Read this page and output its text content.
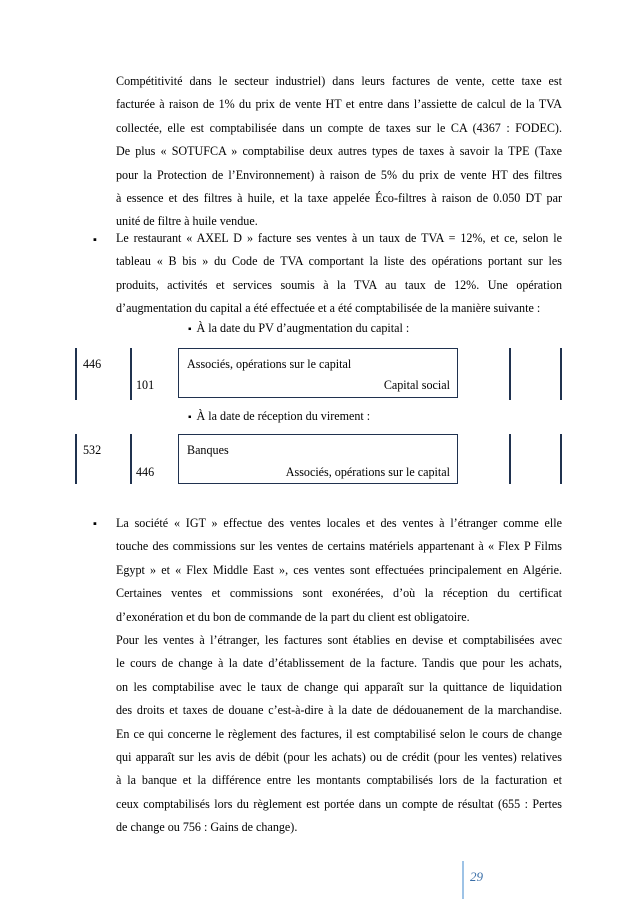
Compétitivité dans le secteur industriel) dans leurs factures de vente, cette taxe est
facturée à raison de 1% du prix de vente HT et entre dans l’assiette de calcul de la TVA
collectée, elle est comptabilisée dans un compte de taxes sur le CA (4367 : FODEC).
De plus « SOTUFCA » comptabilise deux autres types de taxes à savoir la TPE (Taxe
pour la Protection de l’Environnement) à raison de 5% du prix de vente HT des filtres
à essence et des filtres à huile, et la taxe appelée Éco-filtres à raison de 0.050 DT par
unité de filtre à huile vendue.
▪ Le restaurant « AXEL D » facture ses ventes à un taux de TVA = 12%, et ce, selon le
tableau « B bis » du Code de TVA comportant la liste des opérations portant sur les
produits, activités et services soumis à la TVA au taux de 12%. Une opération
d’augmentation du capital a été effectuée et a été comptabilisée de la manière suivante :
▪ À la date du PV d’augmentation du capital :
446
101
Associés, opérations sur le capital
Capital social
▪ À la date de réception du virement :
532
446
Banques
Associés, opérations sur le capital
▪ La société « IGT » effectue des ventes locales et des ventes à l’étranger comme elle
touche des commissions sur les ventes de certains matériels appartenant à « Flex P Films
Egypt » et « Flex Middle East », ces ventes sont effectuées principalement en Algérie.
Certaines ventes et commissions sont exonérées, d’où la réception du certificat
d’exonération et du bon de commande de la part du client est obligatoire.
Pour les ventes à l’étranger, les factures sont établies en devise et comptabilisées avec
le cours de change à la date d’établissement de la facture. Tandis que pour les achats,
on les comptabilise avec le taux de change qui apparaît sur la quittance de liquidation
des droits et taxes de douane c’est-à-dire à la date de dédouanement de la marchandise.
En ce qui concerne le règlement des factures, il est comptabilisé selon le cours de change
qui apparaît sur les avis de débit (pour les achats) ou de crédit (pour les ventes) relatives
à la banque et la différence entre les montants comptabilisés lors de la facturation et
ceux comptabilisés lors du règlement est portée dans un compte de résultat (655 : Pertes
de change ou 756 : Gains de change).
29
